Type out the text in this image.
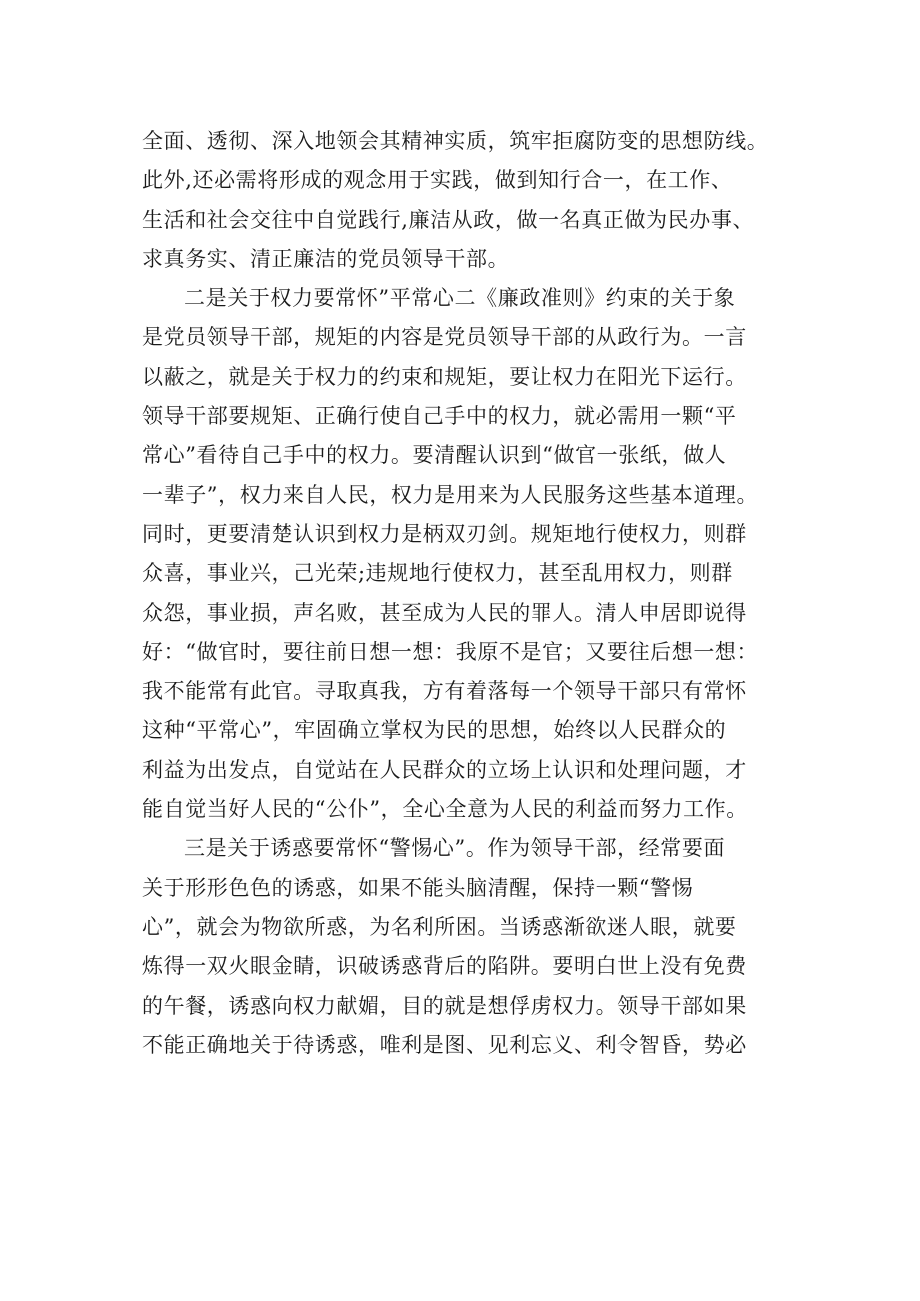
全面、透彻、深入地领会其精神实质，筑牢拒腐防变的思想防线。
此外,还必需将形成的观念用于实践，做到知行合一，在工作、
生活和社会交往中自觉践行,廉洁从政，做一名真正做为民办事、
求真务实、清正廉洁的党员领导干部。
二是关于权力要常怀”平常心二《廉政准则》约束的关于象
是党员领导干部，规矩的内容是党员领导干部的从政行为。一言
以蔽之，就是关于权力的约束和规矩，要让权力在阳光下运行。
领导干部要规矩、正确行使自己手中的权力，就必需用一颗“平
常心”看待自己手中的权力。要清醒认识到“做官一张纸，做人
一辈子”，权力来自人民，权力是用来为人民服务这些基本道理。
同时，更要清楚认识到权力是柄双刃剑。规矩地行使权力，则群
众喜，事业兴，己光荣;违规地行使权力，甚至乱用权力，则群
众怨，事业损，声名败，甚至成为人民的罪人。清人申居即说得
好：“做官时，要往前日想一想：我原不是官；又要往后想一想：
我不能常有此官。寻取真我，方有着落每一个领导干部只有常怀
这种“平常心”，牢固确立掌权为民的思想，始终以人民群众的
利益为出发点，自觉站在人民群众的立场上认识和处理问题，才
能自觉当好人民的“公仆”，全心全意为人民的利益而努力工作。
三是关于诱惑要常怀“警惕心”。作为领导干部，经常要面
关于形形色色的诱惑，如果不能头脑清醒，保持一颗“警惕
心”，就会为物欲所惑，为名利所困。当诱惑渐欲迷人眼，就要
炼得一双火眼金睛，识破诱惑背后的陷阱。要明白世上没有免费
的午餐，诱惑向权力献媚，目的就是想俘虏权力。领导干部如果
不能正确地关于待诱惑，唯利是图、见利忘义、利令智昏，势必
